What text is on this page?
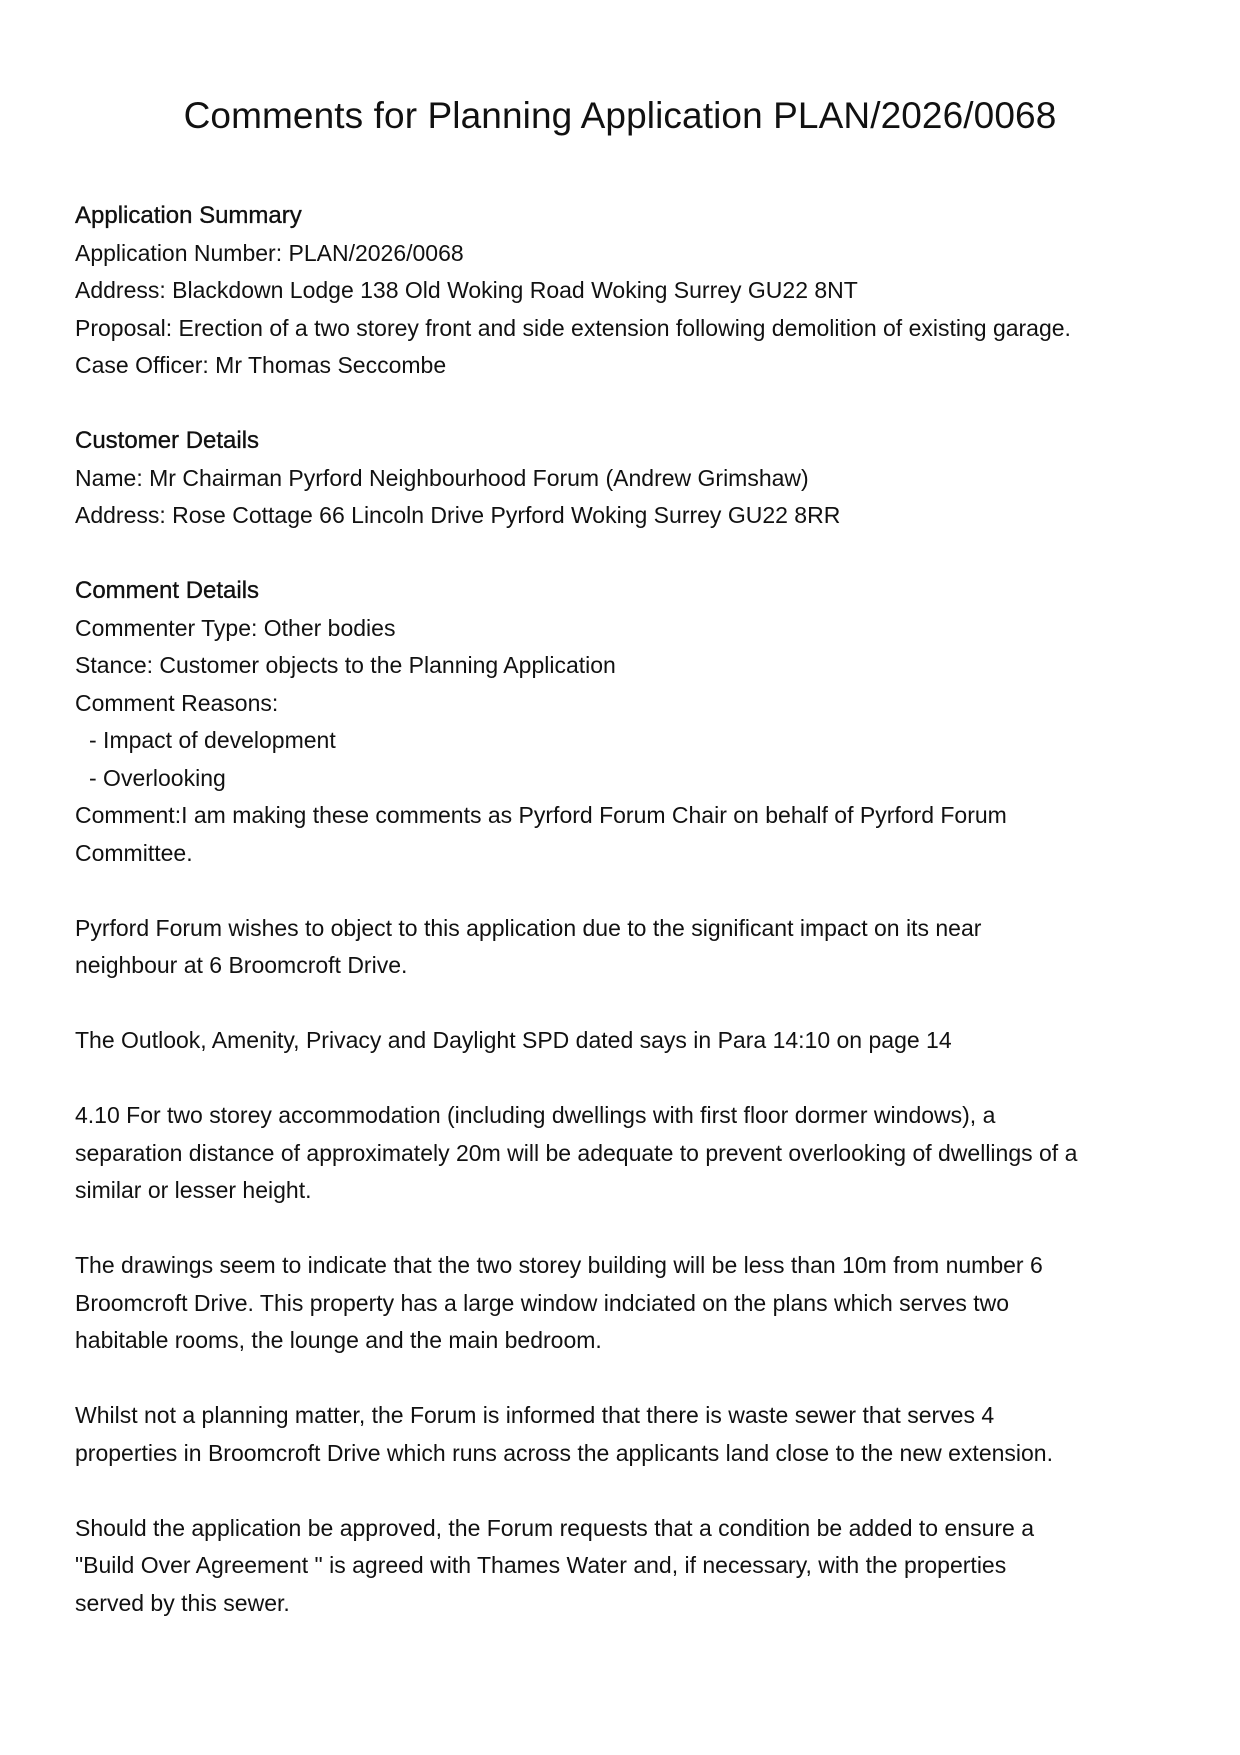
Comments for Planning Application PLAN/2026/0068
Application Summary
Application Number: PLAN/2026/0068
Address: Blackdown Lodge 138 Old Woking Road Woking Surrey GU22 8NT
Proposal: Erection of a two storey front and side extension following demolition of existing garage.
Case Officer: Mr Thomas Seccombe
Customer Details
Name: Mr Chairman Pyrford Neighbourhood Forum (Andrew Grimshaw)
Address: Rose Cottage 66 Lincoln Drive Pyrford Woking Surrey GU22 8RR
Comment Details
Commenter Type: Other bodies
Stance: Customer objects to the Planning Application
Comment Reasons:
- Impact of development
- Overlooking
Comment:I am making these comments as Pyrford Forum Chair on behalf of Pyrford Forum
Committee.
Pyrford Forum wishes to object to this application due to the significant impact on its near
neighbour at 6 Broomcroft Drive.
The Outlook, Amenity, Privacy and Daylight SPD dated says in Para 14:10 on page 14
4.10 For two storey accommodation (including dwellings with first floor dormer windows), a
separation distance of approximately 20m will be adequate to prevent overlooking of dwellings of a
similar or lesser height.
The drawings seem to indicate that the two storey building will be less than 10m from number 6
Broomcroft Drive. This property has a large window indciated on the plans which serves two
habitable rooms, the lounge and the main bedroom.
Whilst not a planning matter, the Forum is informed that there is waste sewer that serves 4
properties in Broomcroft Drive which runs across the applicants land close to the new extension.
Should the application be approved, the Forum requests that a condition be added to ensure a
"Build Over Agreement " is agreed with Thames Water and, if necessary, with the properties
served by this sewer.
